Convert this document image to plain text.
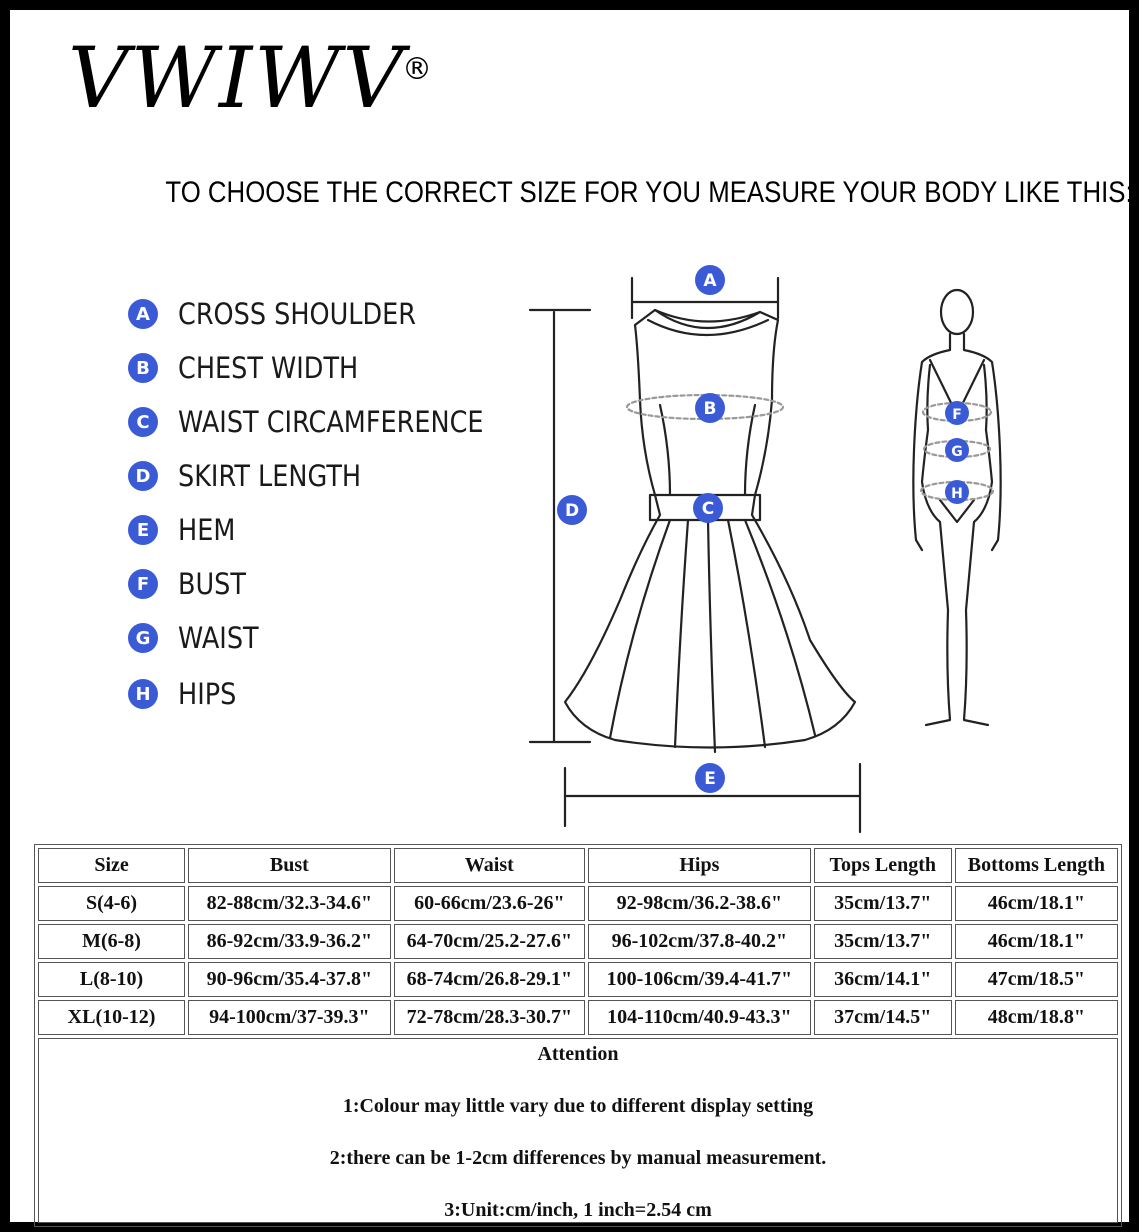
VWIWV
®
TO CHOOSE THE CORRECT SIZE FOR YOU MEASURE YOUR BODY LIKE THIS:
A CROSS SHOULDER
B CHEST WIDTH
C WAIST CIRCAMFERENCE
D SKIRT LENGTH
E HEM
F BUST
G WAIST
H HIPS
A
B
C
D
E
F
G
H
Size	Bust	Waist	Hips	Tops Length	Bottoms Length
S(4-6)	82-88cm/32.3-34.6"	60-66cm/23.6-26"	92-98cm/36.2-38.6"	35cm/13.7"	46cm/18.1"
M(6-8)	86-92cm/33.9-36.2"	64-70cm/25.2-27.6"	96-102cm/37.8-40.2"	35cm/13.7"	46cm/18.1"
L(8-10)	90-96cm/35.4-37.8"	68-74cm/26.8-29.1"	100-106cm/39.4-41.7"	36cm/14.1"	47cm/18.5"
XL(10-12)	94-100cm/37-39.3"	72-78cm/28.3-30.7"	104-110cm/40.9-43.3"	37cm/14.5"	48cm/18.8"

Attention
1:Colour may little vary due to different display setting
2:there can be 1-2cm differences by manual measurement.
3:Unit:cm/inch, 1 inch=2.54 cm					
